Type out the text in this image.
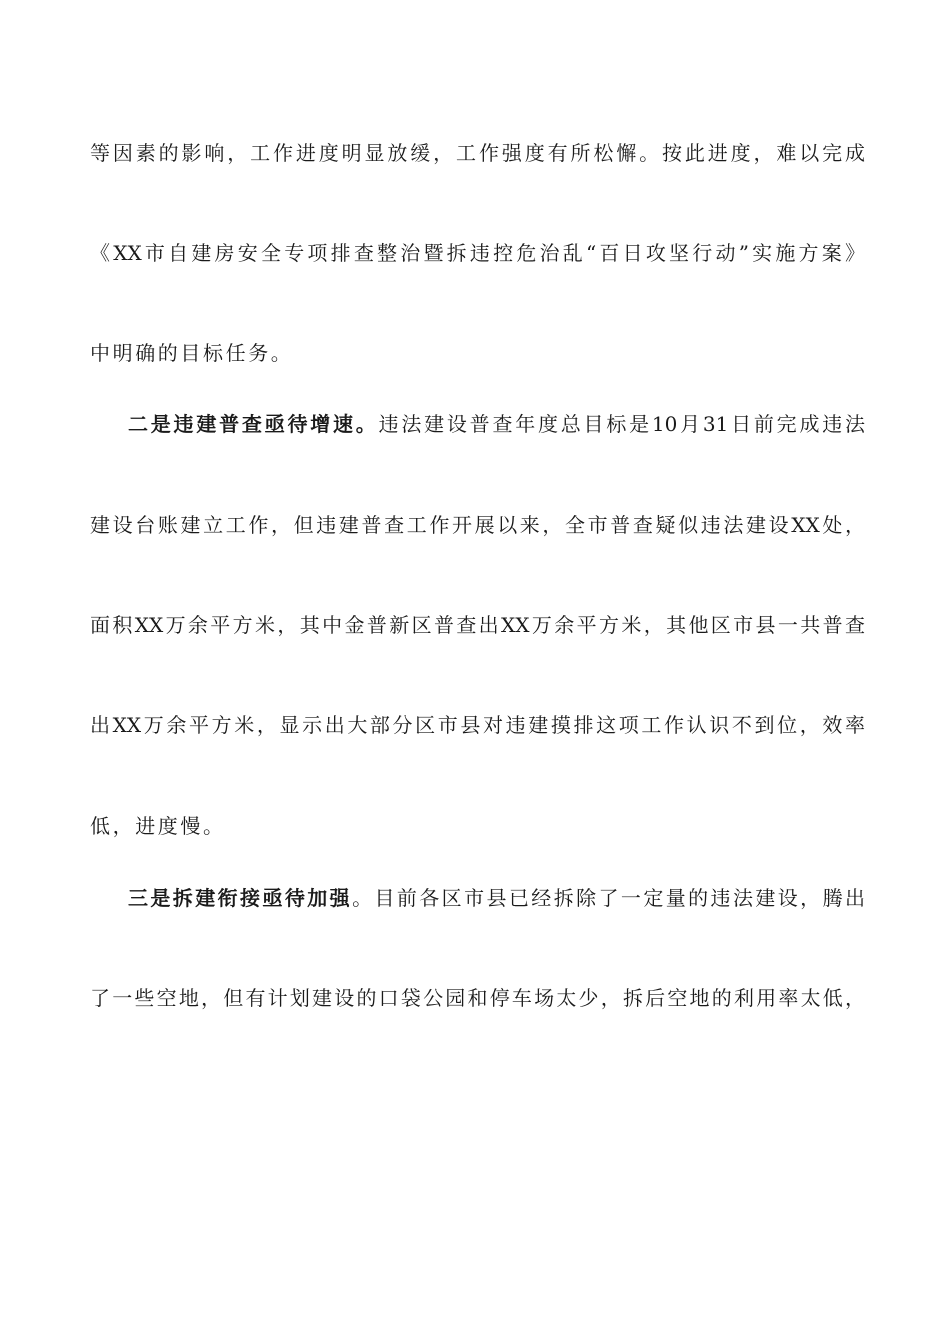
等因素的影响，工作进度明显放缓，工作强度有所松懈。按此进度，难以完成
《XX市自建房安全专项排查整治暨拆违控危治乱“百日攻坚行动”实施方案》
中明确的目标任务。
二是违建普查亟待增速。违法建设普查年度总目标是10月31日前完成违法
建设台账建立工作，但违建普查工作开展以来，全市普查疑似违法建设XX处，
面积XX万余平方米，其中金普新区普查出XX万余平方米，其他区市县一共普查
出XX万余平方米，显示出大部分区市县对违建摸排这项工作认识不到位，效率
低，进度慢。
三是拆建衔接亟待加强。目前各区市县已经拆除了一定量的违法建设，腾出
了一些空地，但有计划建设的口袋公园和停车场太少，拆后空地的利用率太低，
